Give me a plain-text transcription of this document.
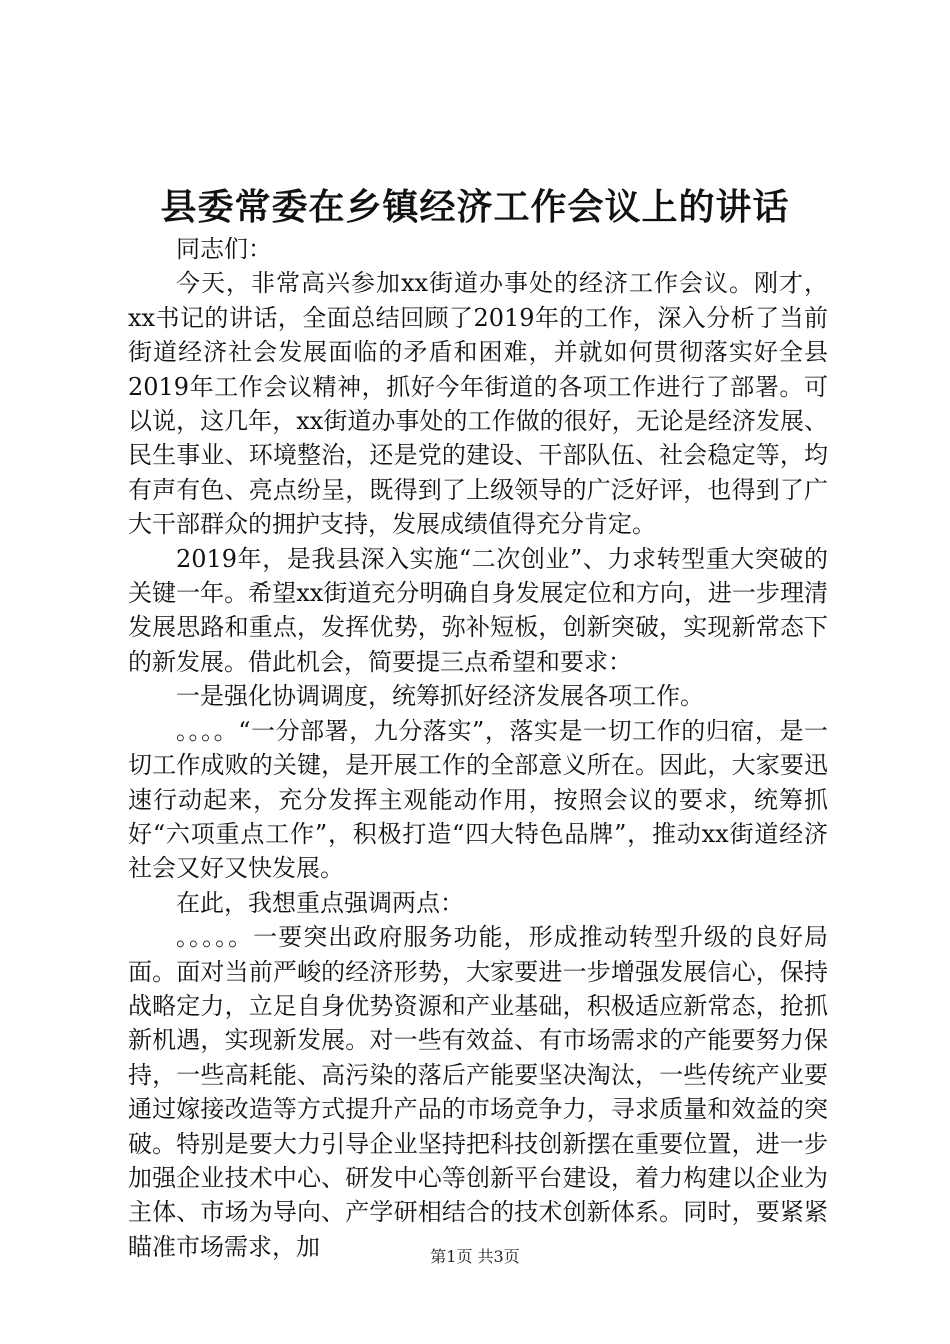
县委常委在乡镇经济工作会议上的讲话

同志们：

今天，非常高兴参加xx街道办事处的经济工作会议。刚才，xx书记的讲话，全面总结回顾了2019年的工作，深入分析了当前街道经济社会发展面临的矛盾和困难，并就如何贯彻落实好全县2019年工作会议精神，抓好今年街道的各项工作进行了部署。可以说，这几年，xx街道办事处的工作做的很好，无论是经济发展、民生事业、环境整治，还是党的建设、干部队伍、社会稳定等，均有声有色、亮点纷呈，既得到了上级领导的广泛好评，也得到了广大干部群众的拥护支持，发展成绩值得充分肯定。

2019年，是我县深入实施“二次创业”、力求转型重大突破的关键一年。希望xx街道充分明确自身发展定位和方向，进一步理清发展思路和重点，发挥优势，弥补短板，创新突破，实现新常态下的新发展。借此机会，简要提三点希望和要求：

一是强化协调调度，统筹抓好经济发展各项工作。

。。。。“一分部署，九分落实”，落实是一切工作的归宿，是一切工作成败的关键，是开展工作的全部意义所在。因此，大家要迅速行动起来，充分发挥主观能动作用，按照会议的要求，统筹抓好“六项重点工作”，积极打造“四大特色品牌”，推动xx街道经济社会又好又快发展。

在此，我想重点强调两点：

。。。。。一要突出政府服务功能，形成推动转型升级的良好局面。面对当前严峻的经济形势，大家要进一步增强发展信心，保持战略定力，立足自身优势资源和产业基础，积极适应新常态，抢抓新机遇，实现新发展。对一些有效益、有市场需求的产能要努力保持，一些高耗能、高污染的落后产能要坚决淘汰，一些传统产业要通过嫁接改造等方式提升产品的市场竞争力，寻求质量和效益的突破。特别是要大力引导企业坚持把科技创新摆在重要位置，进一步加强企业技术中心、研发中心等创新平台建设，着力构建以企业为主体、市场为导向、产学研相结合的技术创新体系。同时，要紧紧瞄准市场需求，加	第1页 共3页
